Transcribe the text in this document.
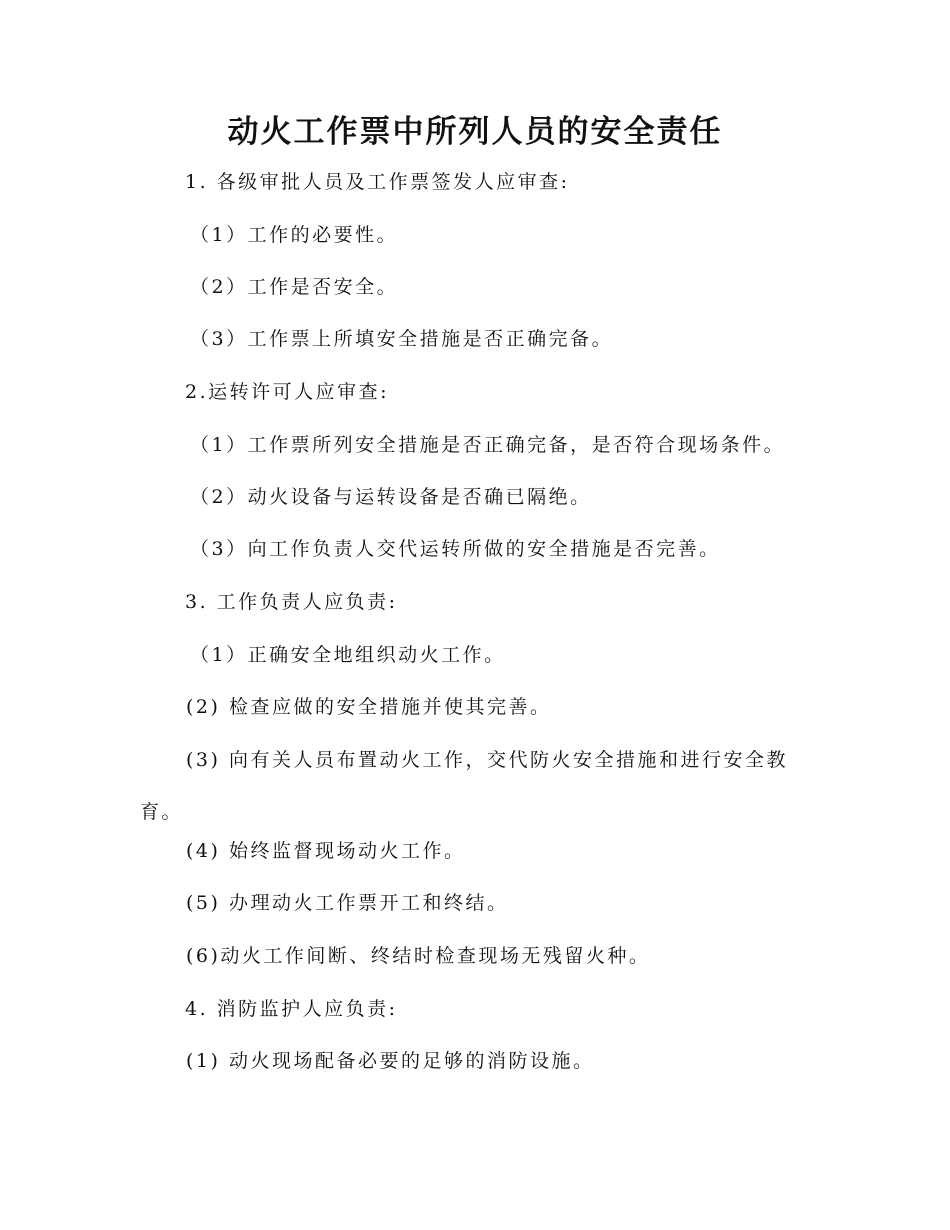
动火工作票中所列人员的安全责任

1. 各级审批人员及工作票签发人应审查:

（1）工作的必要性。

（2）工作是否安全。

（3）工作票上所填安全措施是否正确完备。

2.运转许可人应审查:

（1）工作票所列安全措施是否正确完备，是否符合现场条件。

（2）动火设备与运转设备是否确已隔绝。

（3）向工作负责人交代运转所做的安全措施是否完善。

3. 工作负责人应负责:

（1）正确安全地组织动火工作。

(2) 检查应做的安全措施并使其完善。

(3) 向有关人员布置动火工作，交代防火安全措施和进行安全教育。

(4) 始终监督现场动火工作。

(5) 办理动火工作票开工和终结。

(6)动火工作间断、终结时检查现场无残留火种。

4. 消防监护人应负责:

(1) 动火现场配备必要的足够的消防设施。
